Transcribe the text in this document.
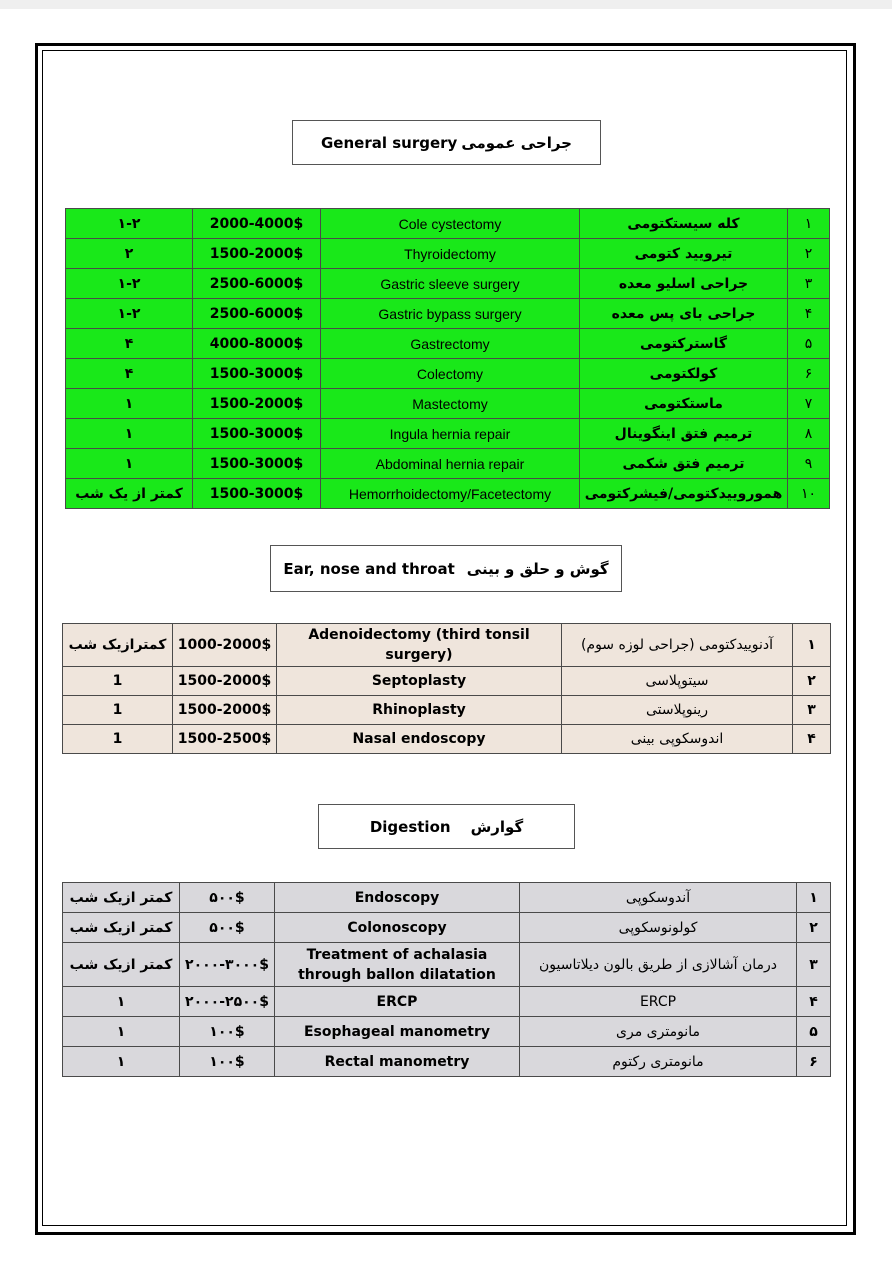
General surgery جراحی عمومی
۱-۲	2000-4000$	Cole cystectomy	کله سیستکتومی	۱
۲	1500-2000$	Thyroidectomy	تیرویید کتومی	۲
۱-۲	2500-6000$	Gastric sleeve surgery	جراحی اسلیو معده	۳
۱-۲	2500-6000$	Gastric bypass surgery	جراحی بای پس معده	۴
۴	4000-8000$	Gastrectomy	گاسترکتومی	۵
۴	1500-3000$	Colectomy	کولکتومی	۶
۱	1500-2000$	Mastectomy	ماستکتومی	۷
۱	1500-3000$	Ingula hernia repair	ترمیم فتق اینگوینال	۸
۱	1500-3000$	Abdominal hernia repair	ترمیم فتق شکمی	۹
کمتر از یک شب	1500-3000$	Hemorrhoidectomy/Facetectomy	هموروییدکتومی/فیشرکتومی	۱۰
Ear, nose and throat گوش و حلق و بینی
کمترازیک شب	1000-2000$	Adenoidectomy (third tonsil surgery)	آدنوییدکتومی (جراحی لوزه سوم)	۱
1	1500-2000$	Septoplasty	سیتوپلاسی	۲
1	1500-2000$	Rhinoplasty	رینوپلاستی	۳
1	1500-2500$	Nasal endoscopy	اندوسکوپی بینی	۴
Digestion گوارش
کمتر ازیک شب	۵۰۰$	Endoscopy	آندوسکوپی	۱
کمتر ازیک شب	۵۰۰$	Colonoscopy	کولونوسکوپی	۲
کمتر ازیک شب	۲۰۰۰-۳۰۰۰$	Treatment of achalasia through ballon dilatation	درمان آشالازی از طریق بالون دیلاتاسیون	۳
۱	۲۰۰۰-۲۵۰۰$	ERCP	ERCP	۴
۱	۱۰۰$	Esophageal manometry	مانومتری مری	۵
۱	۱۰۰$	Rectal manometry	مانومتری رکتوم	۶
